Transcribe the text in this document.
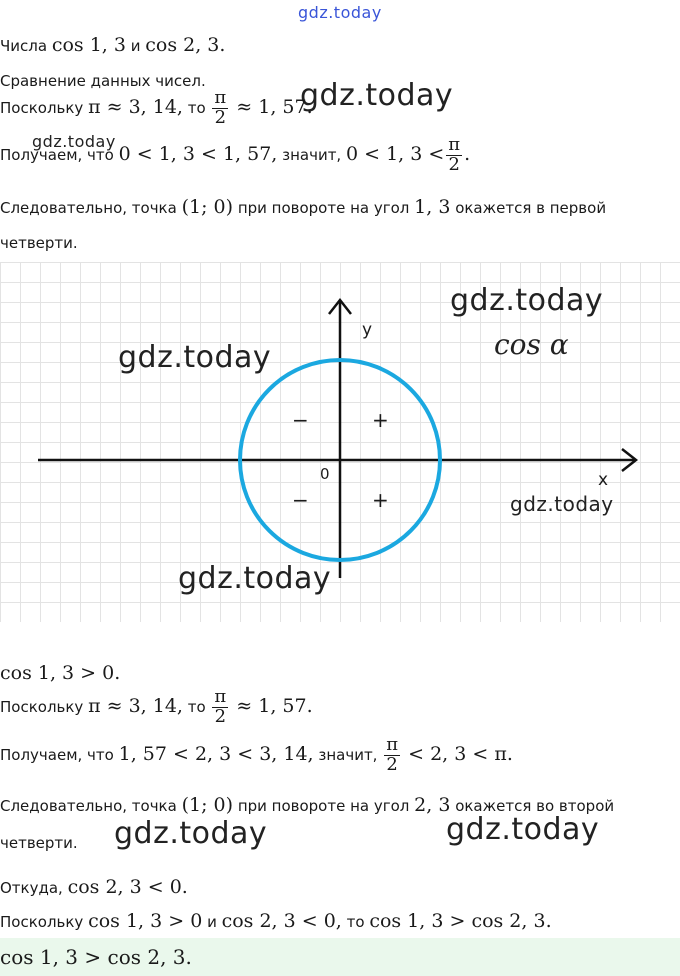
gdz.today
gdz.today
gdz.today
Числа cos 1, 3 и cos 2, 3.
Сравнение данных чисел.
Поскольку π ≈ 3, 14, то $\frac{\pi}{2} \approx 1$, 57.
Получаем, что 0 < 1, 3 < 1, 57, значит, 0 < 1, $3 < \frac{\pi}{2}$ .
Следовательно, точка (1; 0) при повороте на угол 1, 3 окажется в первой
четверти.
y
x
0
−	+
−	+
cos α
gdz.today
gdz.today
gdz.today
gdz.today
cos 1, 3 > 0.
Поскольку π ≈ 3, 14, то $\frac{\pi}{2} \approx 1$, 57.
Получаем, что 1, 57 < 2, 3 < 3, 14, значит, $\frac{\pi}{2} < 2$, 3 < π.
Следовательно, точка (1; 0) при повороте на угол 2, 3 окажется во второй
четверти. gdz.today	gdz.today
Откуда, cos 2, 3 < 0.
Поскольку cos 1, 3 > 0 и cos 2, 3 < 0, то cos 1, 3 > cos 2, 3.
cos 1, 3 > cos 2, 3.
